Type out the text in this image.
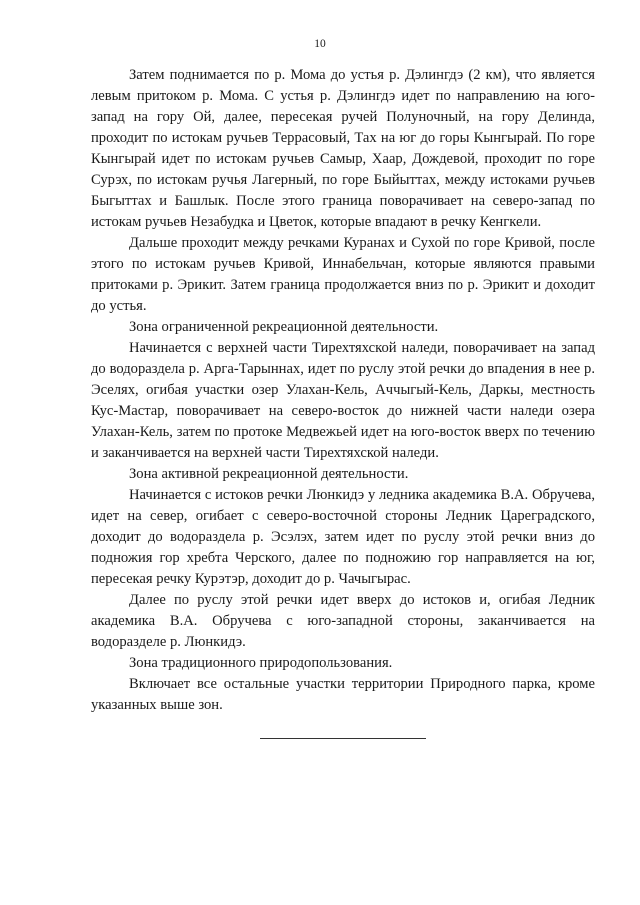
10

Затем поднимается по р. Мома до устья р. Дэлингдэ (2 км), что является левым притоком р. Мома. С устья р. Дэлингдэ идет по направлению на юго-запад на гору Ой, далее, пересекая ручей Полуночный, на гору Делинда, проходит по истокам ручьев Террасовый, Тах на юг до горы Кынгырай. По горе Кынгырай идет по истокам ручьев Самыр, Хаар, Дождевой, проходит по горе Сурэх, по истокам ручья Лагерный, по горе Быйыттах, между истоками ручьев Быгыттах и Башлык. После этого граница поворачивает на северо-запад по истокам ручьев Незабудка и Цветок, которые впадают в речку Кенгкели.

Дальше проходит между речками Куранах и Сухой по горе Кривой, после этого по истокам ручьев Кривой, Иннабельчан, которые являются правыми притоками р. Эрикит. Затем граница продолжается вниз по р. Эрикит и доходит до устья.

Зона ограниченной рекреационной деятельности.

Начинается с верхней части Тирехтяхской наледи, поворачивает на запад до водораздела р. Арга-Тарыннах, идет по руслу этой речки до впадения в нее р. Эселях, огибая участки озер Улахан-Кель, Аччыгый-Кель, Даркы, местность Кус-Мастар, поворачивает на северо-восток до нижней части наледи озера Улахан-Кель, затем по протоке Медвежьей идет на юго-восток вверх по течению и заканчивается на верхней части Тирехтяхской наледи.

Зона активной рекреационной деятельности.

Начинается с истоков речки Люнкидэ у ледника академика В.А. Обручева, идет на север, огибает с северо-восточной стороны Ледник Цареградского, доходит до водораздела р. Эсэлэх, затем идет по руслу этой речки вниз до подножия гор хребта Черского, далее по подножию гор направляется на юг, пересекая речку Курэтэр, доходит до р. Чачыгырас.

Далее по руслу этой речки идет вверх до истоков и, огибая Ледник академика В.А. Обручева с юго-западной стороны, заканчивается на водоразделе р. Люнкидэ.

Зона традиционного природопользования.

Включает все остальные участки территории Природного парка, кроме указанных выше зон.
